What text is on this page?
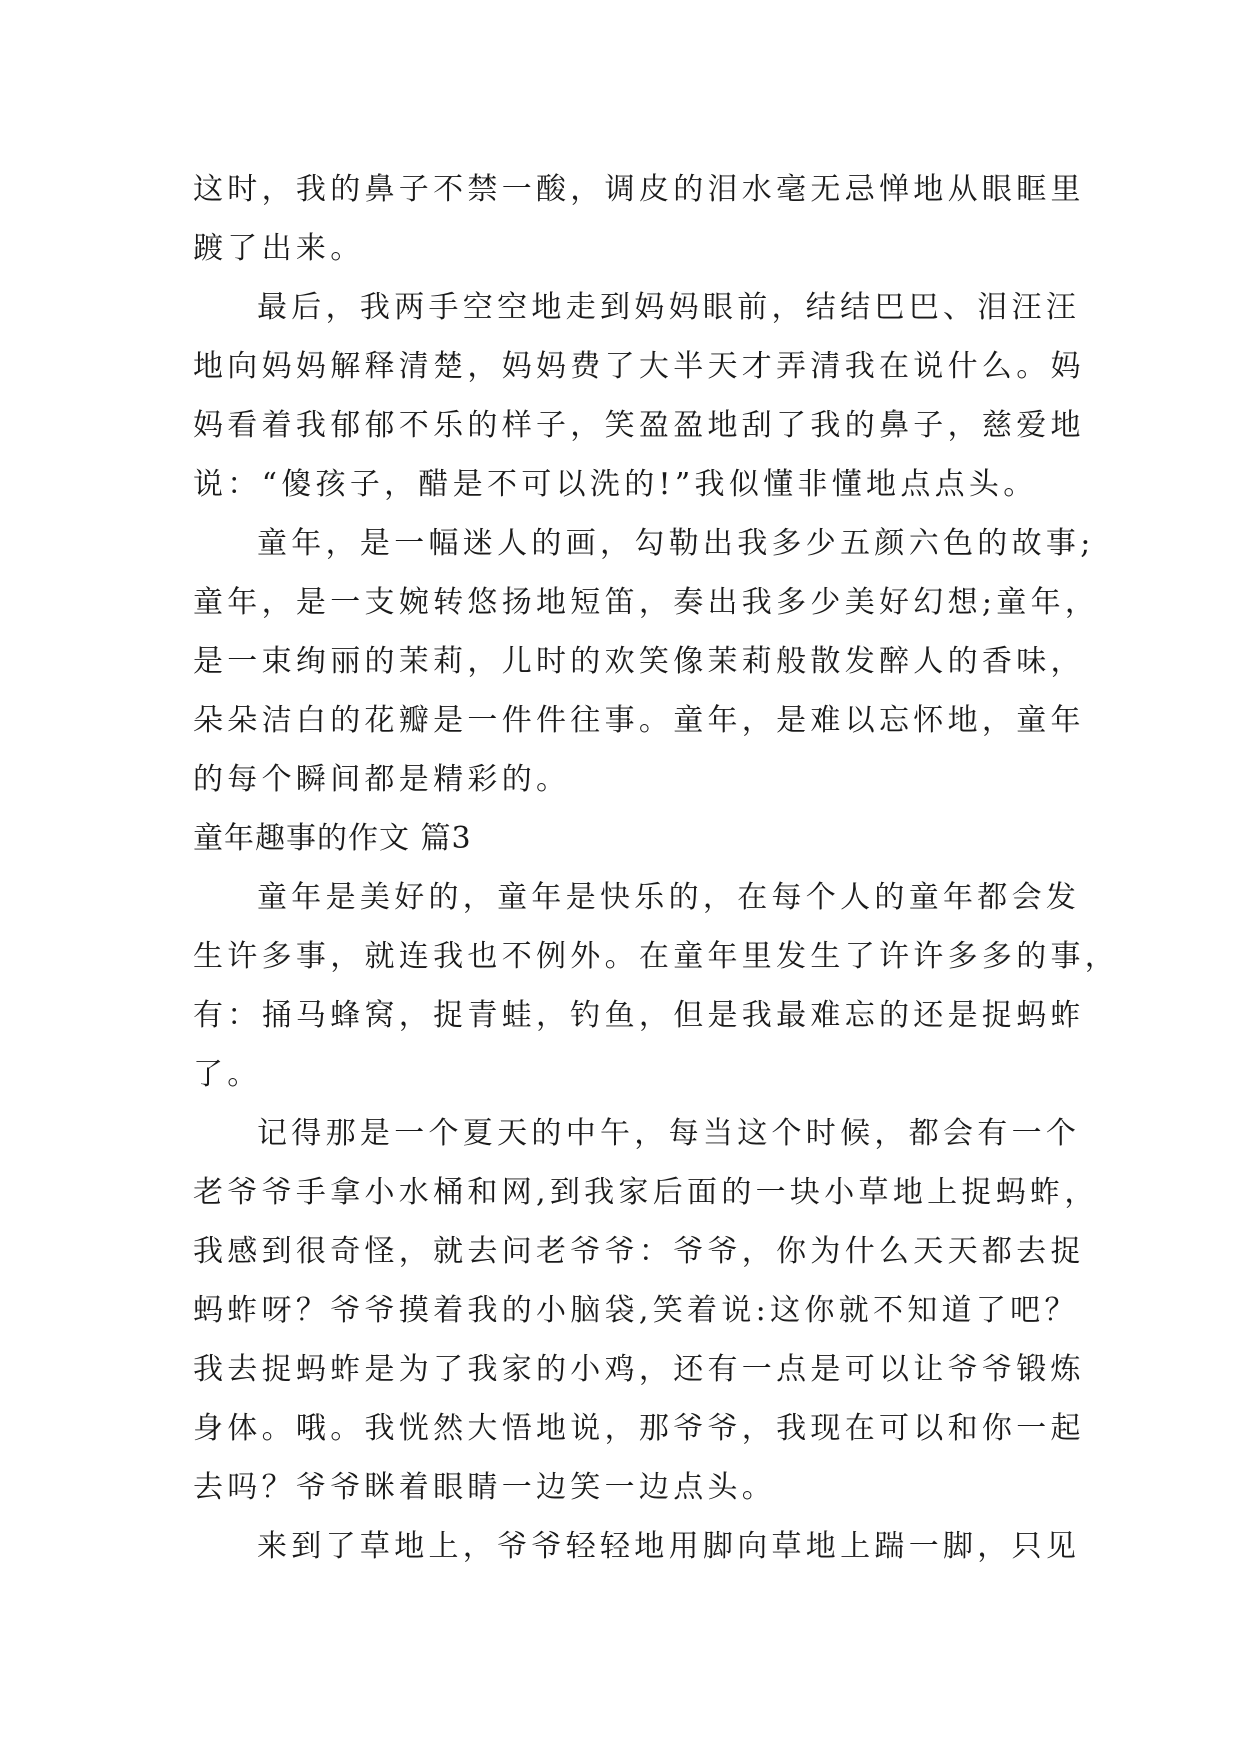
这时，我的鼻子不禁一酸，调皮的泪水毫无忌惮地从眼眶里
踱了出来。
最后，我两手空空地走到妈妈眼前，结结巴巴、泪汪汪
地向妈妈解释清楚，妈妈费了大半天才弄清我在说什么。妈
妈看着我郁郁不乐的样子，笑盈盈地刮了我的鼻子，慈爱地
说：“傻孩子，醋是不可以洗的!”我似懂非懂地点点头。
童年，是一幅迷人的画，勾勒出我多少五颜六色的故事;
童年，是一支婉转悠扬地短笛，奏出我多少美好幻想;童年，
是一束绚丽的茉莉，儿时的欢笑像茉莉般散发醉人的香味，
朵朵洁白的花瓣是一件件往事。童年，是难以忘怀地，童年
的每个瞬间都是精彩的。
童年趣事的作文 篇3
童年是美好的，童年是快乐的，在每个人的童年都会发
生许多事，就连我也不例外。在童年里发生了许许多多的事，
有：捅马蜂窝，捉青蛙，钓鱼，但是我最难忘的还是捉蚂蚱
了。
记得那是一个夏天的中午，每当这个时候，都会有一个
老爷爷手拿小水桶和网,到我家后面的一块小草地上捉蚂蚱，
我感到很奇怪，就去问老爷爷：爷爷，你为什么天天都去捉
蚂蚱呀？爷爷摸着我的小脑袋,笑着说:这你就不知道了吧？
我去捉蚂蚱是为了我家的小鸡，还有一点是可以让爷爷锻炼
身体。哦。我恍然大悟地说，那爷爷，我现在可以和你一起
去吗？爷爷眯着眼睛一边笑一边点头。
来到了草地上，爷爷轻轻地用脚向草地上踹一脚，只见
